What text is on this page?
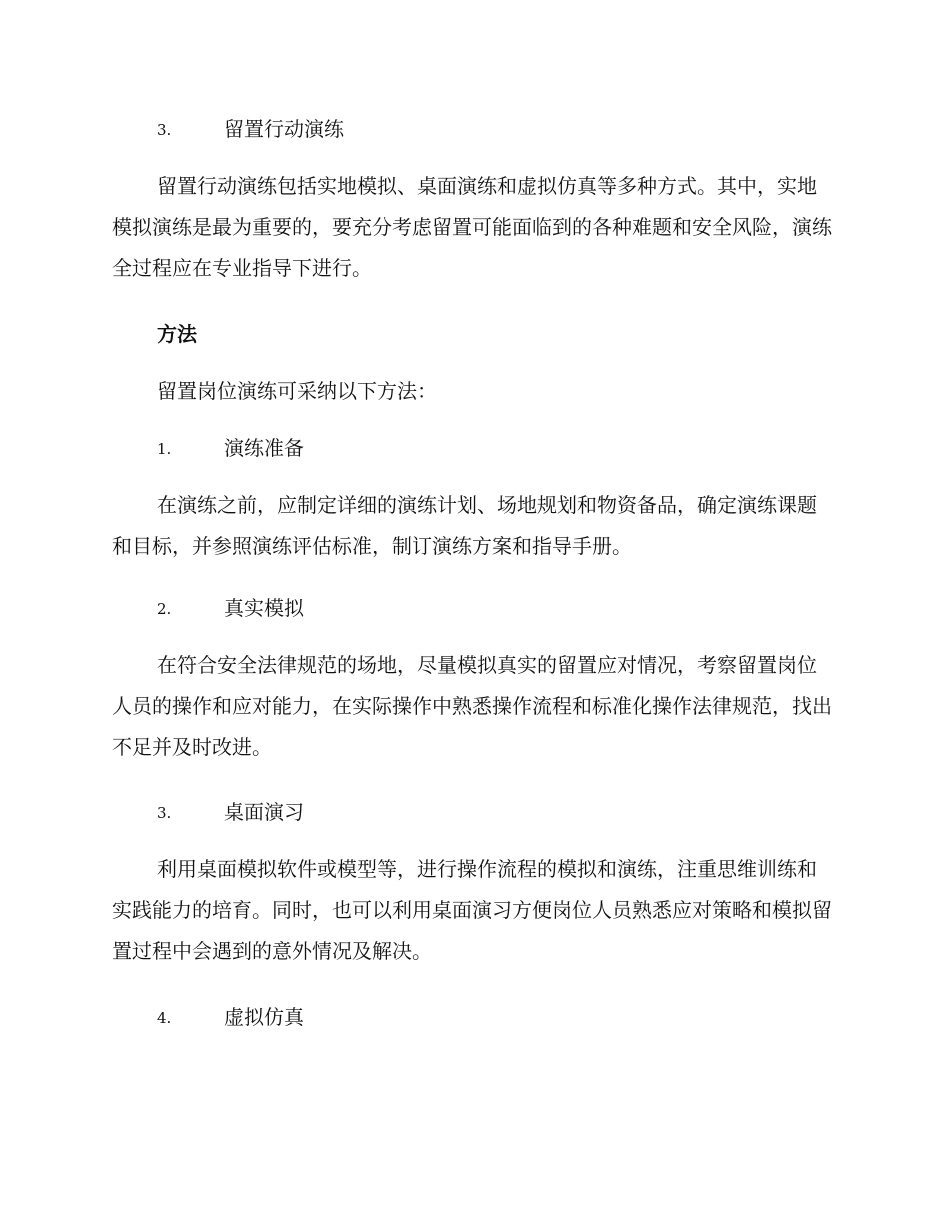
3.	留置行动演练
留置行动演练包括实地模拟、桌面演练和虚拟仿真等多种方式。其中，实地模拟演练是最为重要的，要充分考虑留置可能面临到的各种难题和安全风险，演练全过程应在专业指导下进行。
方法
留置岗位演练可采纳以下方法：
1.	演练准备
在演练之前，应制定详细的演练计划、场地规划和物资备品，确定演练课题和目标，并参照演练评估标准，制订演练方案和指导手册。
2.	真实模拟
在符合安全法律规范的场地，尽量模拟真实的留置应对情况，考察留置岗位人员的操作和应对能力，在实际操作中熟悉操作流程和标准化操作法律规范，找出不足并及时改进。
3.	桌面演习
利用桌面模拟软件或模型等，进行操作流程的模拟和演练，注重思维训练和实践能力的培育。同时，也可以利用桌面演习方便岗位人员熟悉应对策略和模拟留置过程中会遇到的意外情况及解决。
4.	虚拟仿真
